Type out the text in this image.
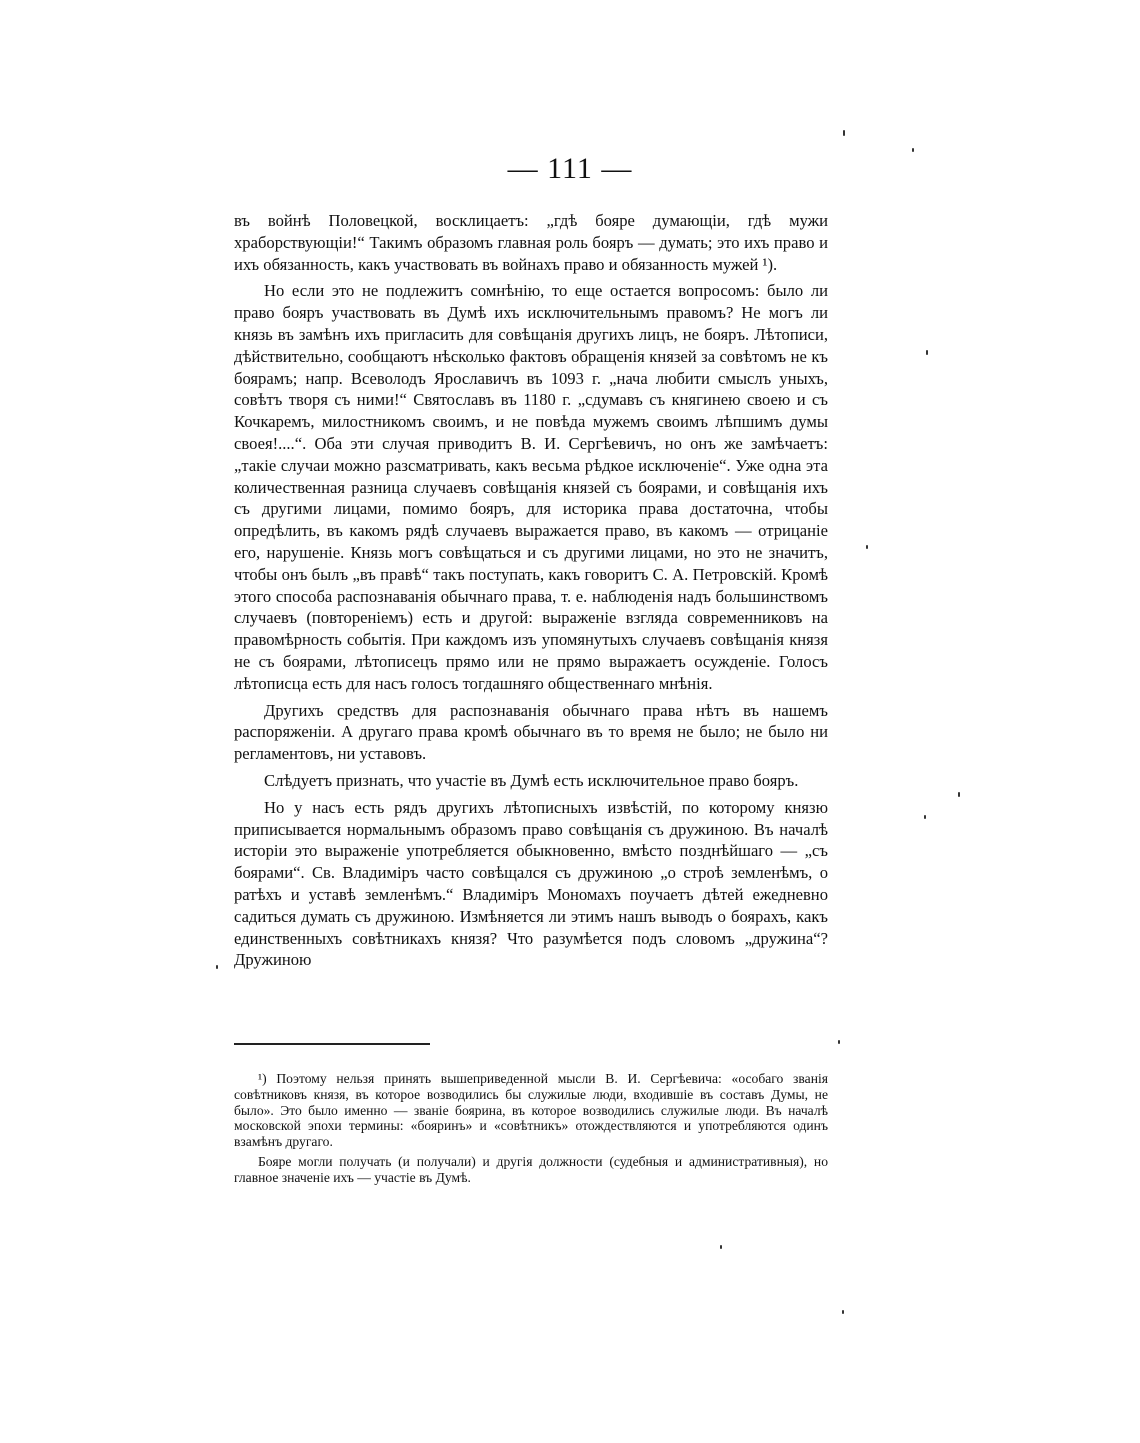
— 111 —

въ войнѣ Половецкой, восклицаетъ: „гдѣ бояре думающіи, гдѣ мужи храборствующіи!“ Такимъ образомъ главная роль бояръ — думать; это ихъ право и ихъ обязанность, какъ участвовать въ войнахъ право и обязанность мужей ¹).

Но если это не подлежитъ сомнѣнію, то еще остается вопросомъ: было ли право бояръ участвовать въ Думѣ ихъ исключительнымъ правомъ? Не могъ ли князь въ замѣнъ ихъ пригласить для совѣщанія другихъ лицъ, не бояръ. Лѣтописи, дѣйствительно, сообщаютъ нѣсколько фактовъ обращенія князей за совѣтомъ не къ боярамъ; напр. Всеволодъ Ярославичъ въ 1093 г. „нача любити смыслъ уныхъ, совѣтъ творя съ ними!“ Святославъ въ 1180 г. „сдумавъ съ княгинею своею и съ Кочкаремъ, милостникомъ своимъ, и не повѣда мужемъ своимъ лѣпшимъ думы своея!....“. Оба эти случая приводитъ В. И. Сергѣевичъ, но онъ же замѣчаетъ: „такіе случаи можно разсматривать, какъ весьма рѣдкое исключеніе“. Уже одна эта количественная разница случаевъ совѣщанія князей съ боярами, и совѣщанія ихъ съ другими лицами, помимо бояръ, для историка права достаточна, чтобы опредѣлить, въ какомъ рядѣ случаевъ выражается право, въ какомъ — отрицаніе его, нарушеніе. Князь могъ совѣщаться и съ другими лицами, но это не значитъ, чтобы онъ былъ „въ правѣ“ такъ поступать, какъ говоритъ С. А. Петровскій. Кромѣ этого способа распознаванія обычнаго права, т. е. наблюденія надъ большинствомъ случаевъ (повтореніемъ) есть и другой: выраженіе взгляда современниковъ на правомѣрность событія. При каждомъ изъ упомянутыхъ случаевъ совѣщанія князя не съ боярами, лѣтописецъ прямо или не прямо выражаетъ осужденіе. Голосъ лѣтописца есть для насъ голосъ тогдашняго общественнаго мнѣнія.

Другихъ средствъ для распознаванія обычнаго права нѣтъ въ нашемъ распоряженіи. А другаго права кромѣ обычнаго въ то время не было; не было ни регламентовъ, ни уставовъ.

Слѣдуетъ признать, что участіе въ Думѣ есть исключительное право бояръ.

Но у насъ есть рядъ другихъ лѣтописныхъ извѣстій, по которому князю приписывается нормальнымъ образомъ право совѣщанія съ дружиною. Въ началѣ исторіи это выраженіе употребляется обыкновенно, вмѣсто позднѣйшаго — „съ боярами“. Св. Владиміръ часто совѣщался съ дружиною „о строѣ земленѣмъ, о ратѣхъ и уставѣ земленѣмъ.“ Владиміръ Мономахъ поучаетъ дѣтей ежедневно садиться думать съ дружиною. Измѣняется ли этимъ нашъ выводъ о боярахъ, какъ единственныхъ совѣтникахъ князя? Что разумѣется подъ словомъ „дружина“? Дружиною

¹) Поэтому нельзя принять вышеприведенной мысли В. И. Сергѣевича: «особаго званія совѣтниковъ князя, въ которое возводились бы служилые люди, входившіе въ составъ Думы, не было». Это было именно — званіе боярина, въ которое возводились служилые люди. Въ началѣ московской эпохи термины: «бояринъ» и «совѣтникъ» отождествляются и употребляются одинъ взамѣнъ другаго.

Бояре могли получать (и получали) и другія должности (судебныя и административныя), но главное значеніе ихъ — участіе въ Думѣ.
